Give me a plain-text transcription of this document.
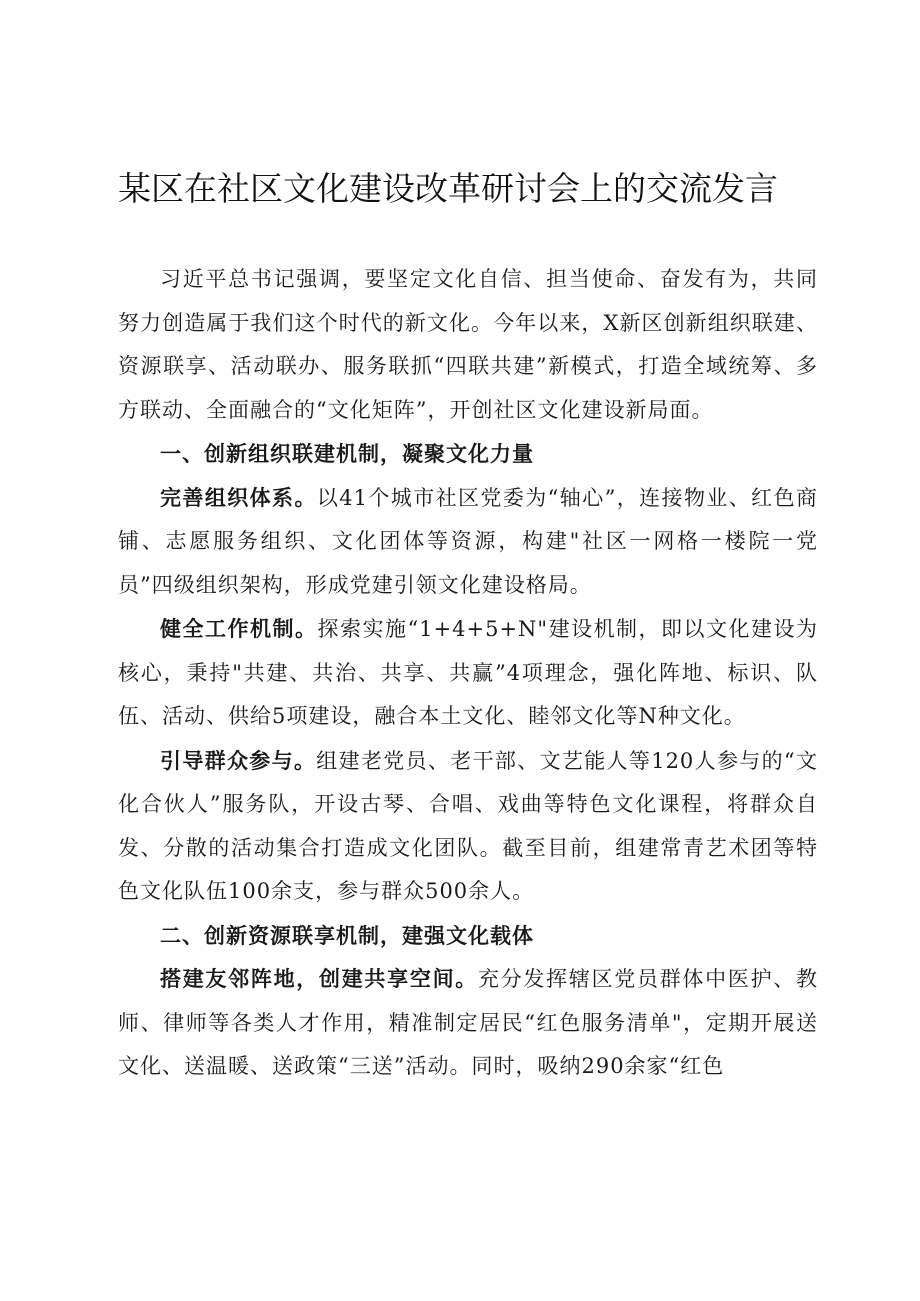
某区在社区文化建设改革研讨会上的交流发言

习近平总书记强调，要坚定文化自信、担当使命、奋发有为，共同努力创造属于我们这个时代的新文化。今年以来，X新区创新组织联建、资源联享、活动联办、服务联抓“四联共建”新模式，打造全域统筹、多方联动、全面融合的“文化矩阵”，开创社区文化建设新局面。

一、创新组织联建机制，凝聚文化力量

完善组织体系。以41个城市社区党委为“轴心”，连接物业、红色商铺、志愿服务组织、文化团体等资源，构建"社区一网格一楼院一党员”四级组织架构，形成党建引领文化建设格局。

健全工作机制。探索实施“1+4+5+N"建设机制，即以文化建设为核心，秉持"共建、共治、共享、共赢”4项理念，强化阵地、标识、队伍、活动、供给5项建设，融合本土文化、睦邻文化等N种文化。

引导群众参与。组建老党员、老干部、文艺能人等120人参与的“文化合伙人”服务队，开设古琴、合唱、戏曲等特色文化课程，将群众自发、分散的活动集合打造成文化团队。截至目前，组建常青艺术团等特色文化队伍100余支，参与群众500余人。

二、创新资源联享机制，建强文化载体

搭建友邻阵地，创建共享空间。充分发挥辖区党员群体中医护、教师、律师等各类人才作用，精准制定居民“红色服务清单"，定期开展送文化、送温暖、送政策“三送”活动。同时，吸纳290余家“红色
